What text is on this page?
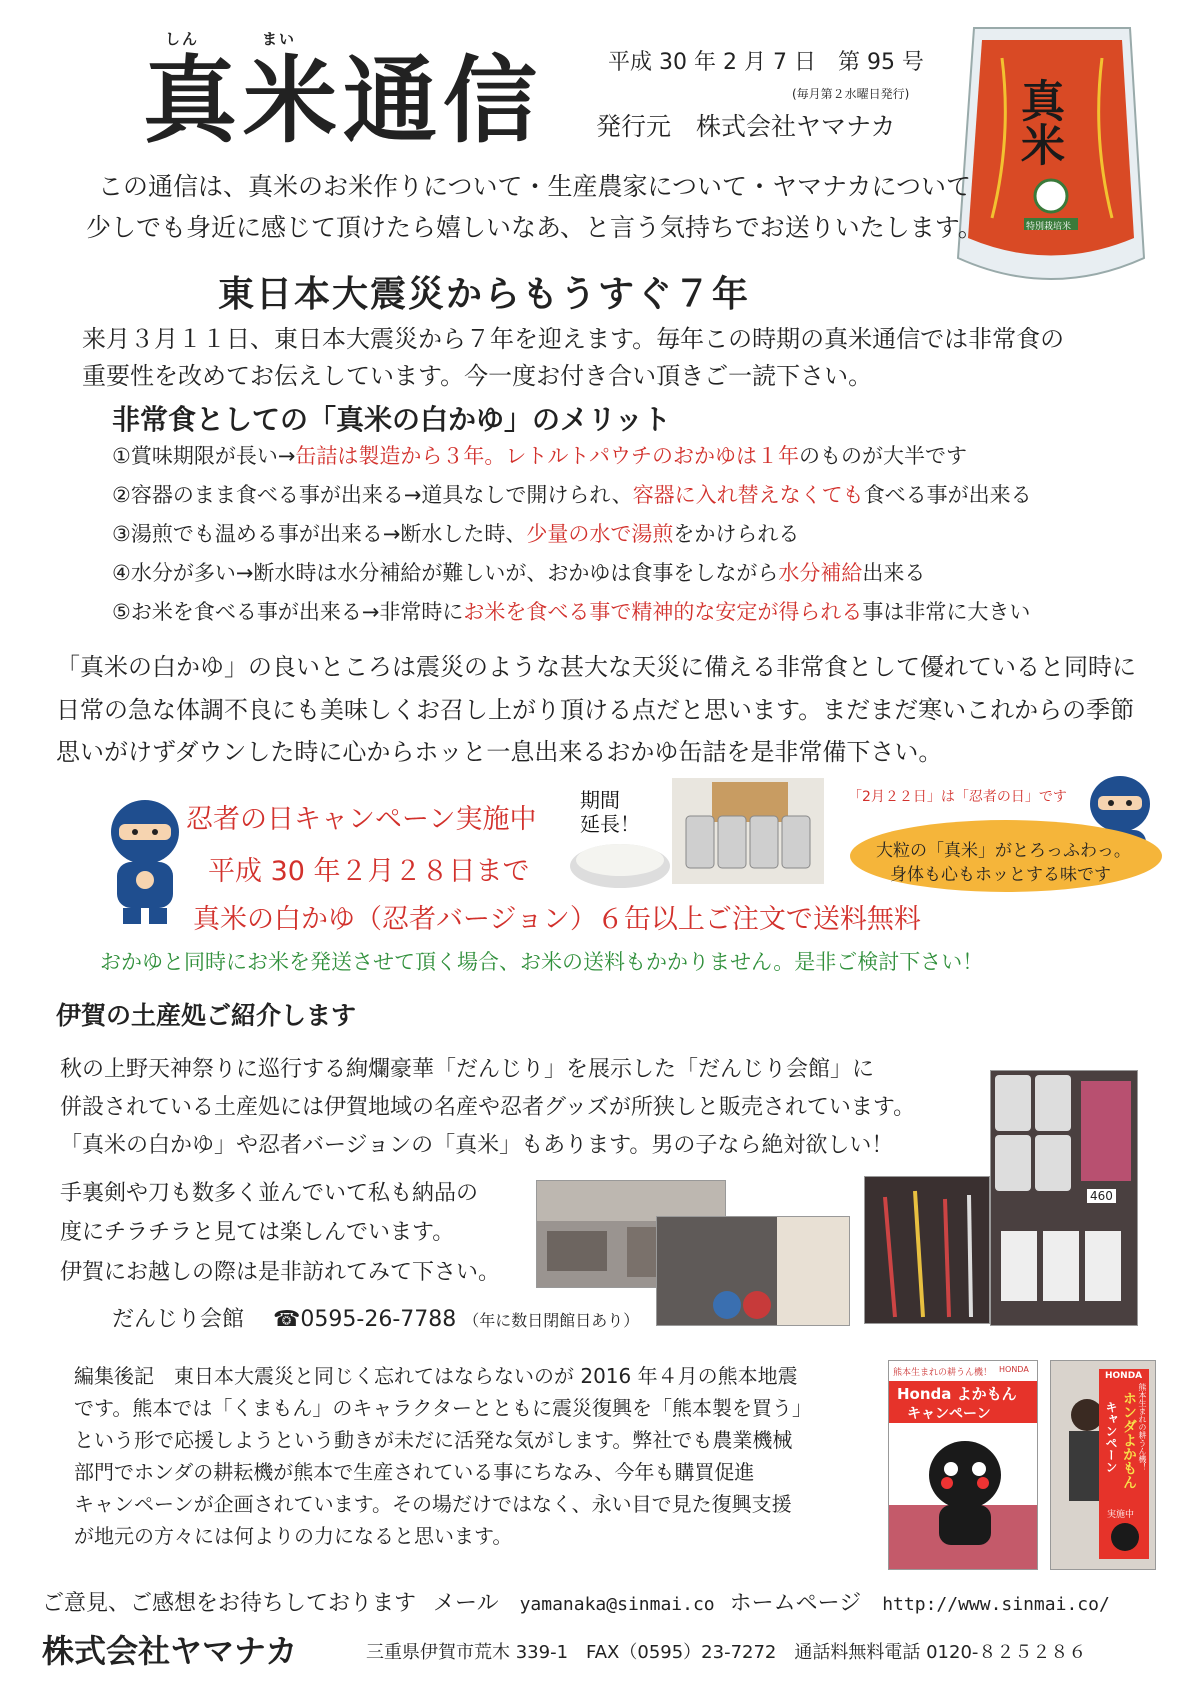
しん	まい
真米通信	平成 30 年 2 月 7 日　第 95 号
(毎月第２水曜日発行)
発行元　株式会社ヤマナカ	真米
特別栽培米
この通信は、真米のお米作りについて・生産農家について・ヤマナカについて
少しでも身近に感じて頂けたら嬉しいなあ、と言う気持ちでお送りいたします。
東日本大震災からもうすぐ７年
来月３月１１日、東日本大震災から７年を迎えます。毎年この時期の真米通信では非常食の
重要性を改めてお伝えしています。今一度お付き合い頂きご一読下さい。
非常食としての「真米の白かゆ」のメリット
①賞味期限が長い→缶詰は製造から３年。レトルトパウチのおかゆは１年のものが大半です
②容器のまま食べる事が出来る→道具なしで開けられ、容器に入れ替えなくても食べる事が出来る
③湯煎でも温める事が出来る→断水した時、少量の水で湯煎をかけられる
④水分が多い→断水時は水分補給が難しいが、おかゆは食事をしながら水分補給出来る
⑤お米を食べる事が出来る→非常時にお米を食べる事で精神的な安定が得られる事は非常に大きい
「真米の白かゆ」の良いところは震災のような甚大な天災に備える非常食として優れていると同時に
日常の急な体調不良にも美味しくお召し上がり頂ける点だと思います。まだまだ寒いこれからの季節
思いがけずダウンした時に心からホッと一息出来るおかゆ缶詰を是非常備下さい。
忍者の日キャンペーン実施中
平成 30 年２月２８日まで
真米の白かゆ（忍者バージョン）６缶以上ご注文で送料無料
期間
延長！
「2月２２日」は「忍者の日」です
大粒の「真米」がとろっふわっ。
身体も心もホッとする味です
おかゆと同時にお米を発送させて頂く場合、お米の送料もかかりません。是非ご検討下さい！
伊賀の土産処ご紹介します
秋の上野天神祭りに巡行する絢爛豪華「だんじり」を展示した「だんじり会館」に
併設されている土産処には伊賀地域の名産や忍者グッズが所狭しと販売されています。
「真米の白かゆ」や忍者バージョンの「真米」もあります。男の子なら絶対欲しい！
手裏剣や刀も数多く並んでいて私も納品の
度にチラチラと見ては楽しんでいます。
伊賀にお越しの際は是非訪れてみて下さい。
だんじり会館 ☎0595-26-7788 （年に数日閉館日あり）
460
編集後記　東日本大震災と同じく忘れてはならないのが 2016 年４月の熊本地震
です。熊本では「くまもん」のキャラクターとともに震災復興を「熊本製を買う」
という形で応援しようという動きが未だに活発な気がします。弊社でも農業機械
部門でホンダの耕耘機が熊本で生産されている事にちなみ、今年も購買促進
キャンペーンが企画されています。その場だけではなく、永い目で見た復興支援
が地元の方々には何よりの力になると思います。
熊本生まれの耕うん機！ HONDA
Honda よかもん
キャンペーン
HONDA
熊本生まれの耕うん機！
ホンダよかもん
キャンペーン
実施中
ご意見、ご感想をお待ちしております メール yamanaka@sinmai.co ホームページ http://www.sinmai.co/
株式会社ヤマナカ	三重県伊賀市荒木 339-1　FAX（0595）23-7272　通話料無料電話 0120-８２５２８６
